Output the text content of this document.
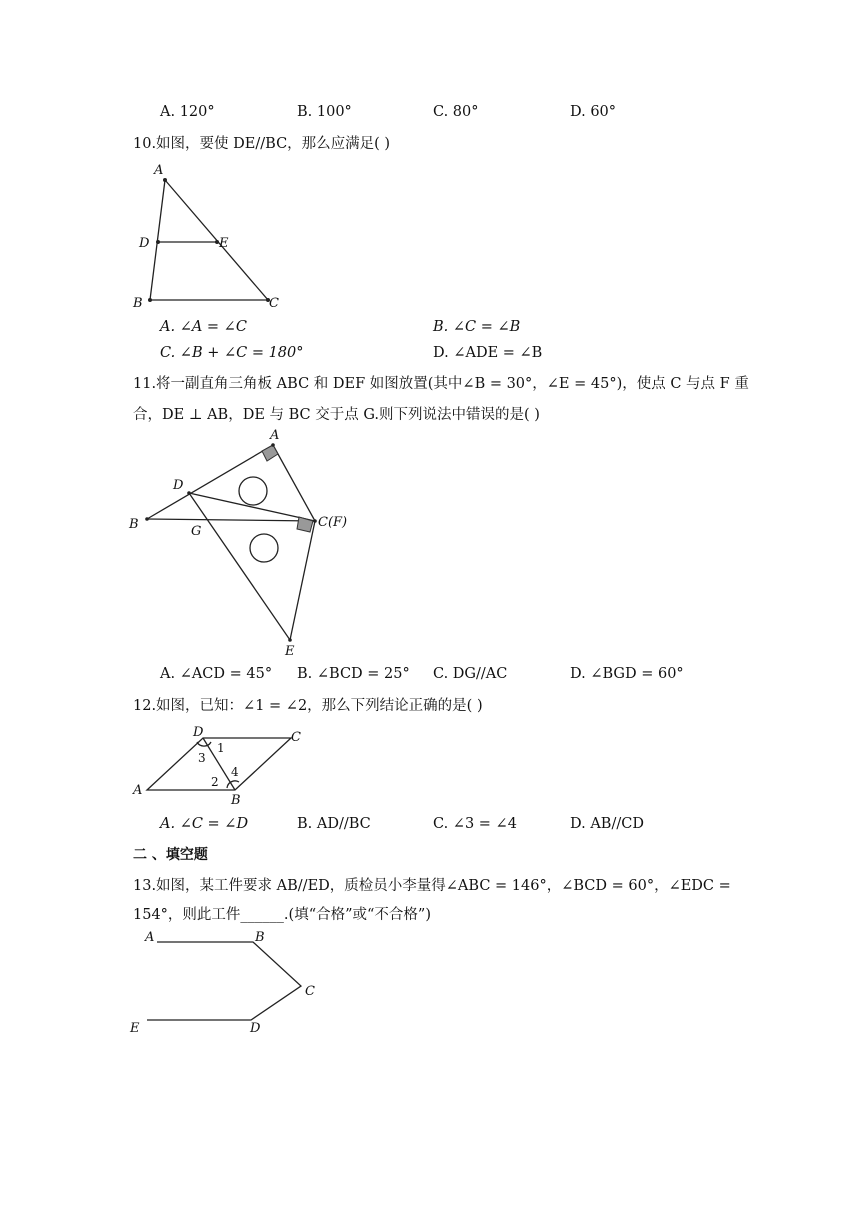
A. 120°	B. 100°	C. 80°	D. 60°
10.如图，要使 DE//BC，那么应满足( )
A
B	C
D	E
A. ∠A = ∠C	B. ∠C = ∠B
C. ∠B + ∠C = 180°	D. ∠ADE = ∠B
11.将一副直角三角板 ABC 和 DEF 如图放置(其中∠B = 30°，∠E = 45°)，使点 C 与点 F 重
合，DE ⊥ AB，DE 与 BC 交于点 G.则下列说法中错误的是( )
A
B	C(F)
D
E
G
A. ∠ACD = 45° B. ∠BCD = 25° C. DG//AC	D. ∠BGD = 60°
12.如图，已知：∠1 = ∠2，那么下列结论正确的是( )
D	C
A
B
1
2
3
4
A. ∠C = ∠D	B. AD//BC	C. ∠3 = ∠4	D. AB//CD
二 、填空题
13.如图，某工件要求 AB//ED，质检员小李量得∠ABC = 146°，∠BCD = 60°，∠EDC =
154°，则此工件______.(填“合格”或“不合格”)
A	B
C
D
E
